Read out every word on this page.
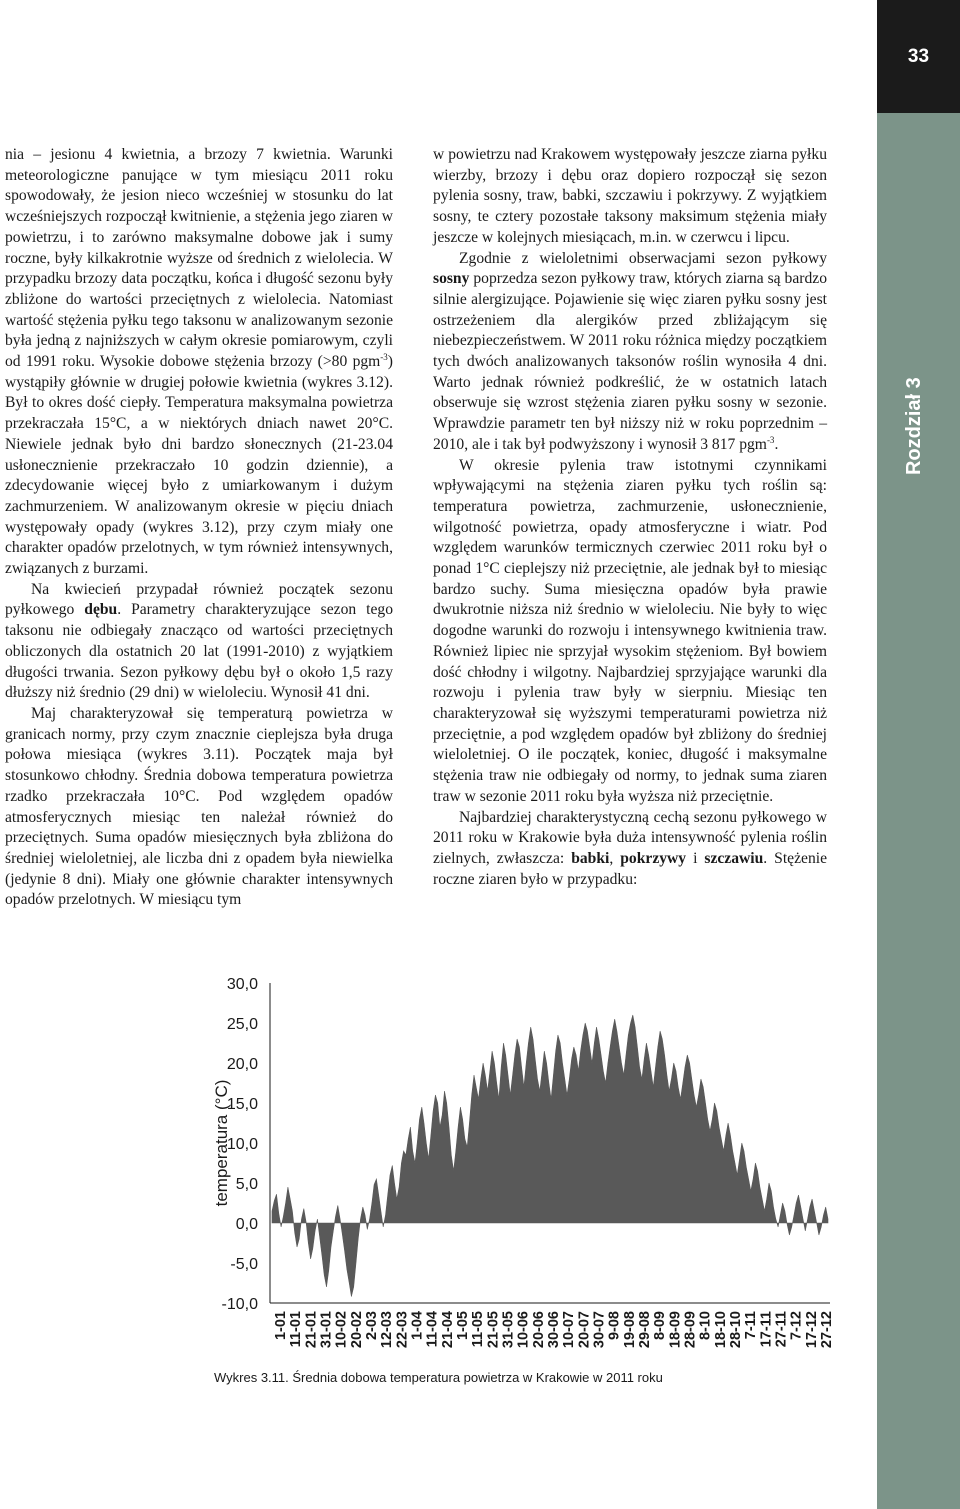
33
Rozdział 3

nia – jesionu 4 kwietnia, a brzozy 7 kwietnia. Warunki meteorologiczne panujące w tym miesiącu 2011 roku spowodowały, że jesion nieco wcześniej w stosunku do lat wcześniejszych rozpoczął kwitnienie, a stężenia jego ziaren w powietrzu, i to zarówno maksymalne dobowe jak i sumy roczne, były kilkakrotnie wyższe od średnich z wielolecia. W przypadku brzozy data początku, końca i długość sezonu były zbliżone do wartości przeciętnych z wielolecia. Natomiast wartość stężenia pyłku tego taksonu w analizowanym sezonie była jedną z najniższych w całym okresie pomiarowym, czyli od 1991 roku. Wysokie dobowe stężenia brzozy (>80 pgm$^{-3}$) wystąpiły głównie w drugiej połowie kwietnia (wykres 3.12). Był to okres dość ciepły. Temperatura maksymalna powietrza przekraczała 15°C, a w niektórych dniach nawet 20°C. Niewiele jednak było dni bardzo słonecznych (21-23.04 usłonecznienie przekraczało 10 godzin dziennie), a zdecydowanie więcej było z umiarkowanym i dużym zachmurzeniem. W analizowanym okresie w pięciu dniach występowały opady (wykres 3.12), przy czym miały one charakter opadów przelotnych, w tym również intensywnych, związanych z burzami.

Na kwiecień przypadał również początek sezonu pyłkowego dębu. Parametry charakteryzujące sezon tego taksonu nie odbiegały znacząco od wartości przeciętnych obliczonych dla ostatnich 20 lat (1991-2010) z wyjątkiem długości trwania. Sezon pyłkowy dębu był o około 1,5 razy dłuższy niż średnio (29 dni) w wieloleciu. Wynosił 41 dni.

Maj charakteryzował się temperaturą powietrza w granicach normy, przy czym znacznie cieplejsza była druga połowa miesiąca (wykres 3.11). Początek maja był stosunkowo chłodny. Średnia dobowa temperatura powietrza rzadko przekraczała 10°C. Pod względem opadów atmosferycznych miesiąc ten należał również do przeciętnych. Suma opadów miesięcznych była zbliżona do średniej wieloletniej, ale liczba dni z opadem była niewielka (jedynie 8 dni). Miały one głównie charakter intensywnych opadów przelotnych. W miesiącu tym

w powietrzu nad Krakowem występowały jeszcze ziarna pyłku wierzby, brzozy i dębu oraz dopiero rozpoczął się sezon pylenia sosny, traw, babki, szczawiu i pokrzywy. Z wyjątkiem sosny, te cztery pozostałe taksony maksimum stężenia miały jeszcze w kolejnych miesiącach, m.in. w czerwcu i lipcu.

Zgodnie z wieloletnimi obserwacjami sezon pyłkowy sosny poprzedza sezon pyłkowy traw, których ziarna są bardzo silnie alergizujące. Pojawienie się więc ziaren pyłku sosny jest ostrzeżeniem dla alergików przed zbliżającym się niebezpieczeństwem. W 2011 roku różnica między początkiem tych dwóch analizowanych taksonów roślin wynosiła 4 dni. Warto jednak również podkreślić, że w ostatnich latach obserwuje się wzrost stężenia ziaren pyłku sosny w sezonie. Wprawdzie parametr ten był niższy niż w roku poprzednim – 2010, ale i tak był podwyższony i wynosił 3 817 pgm$^{-3}$.

W okresie pylenia traw istotnymi czynnikami wpływającymi na stężenia ziaren pyłku tych roślin są: temperatura powietrza, zachmurzenie, usłonecznienie, wilgotność powietrza, opady atmosferyczne i wiatr. Pod względem warunków termicznych czerwiec 2011 roku był o ponad 1°C cieplejszy niż przeciętnie, ale jednak był to miesiąc bardzo suchy. Suma miesięczna opadów była prawie dwukrotnie niższa niż średnio w wieloleciu. Nie były to więc dogodne warunki do rozwoju i intensywnego kwitnienia traw. Również lipiec nie sprzyjał wysokim stężeniom. Był bowiem dość chłodny i wilgotny. Najbardziej sprzyjające warunki dla rozwoju i pylenia traw były w sierpniu. Miesiąc ten charakteryzował się wyższymi temperaturami powietrza niż przeciętnie, a pod względem opadów był zbliżony do średniej wieloletniej. O ile początek, koniec, długość i maksymalne stężenia traw nie odbiegały od normy, to jednak suma ziaren traw w sezonie 2011 roku była wyższa niż przeciętnie.

Najbardziej charakterystyczną cechą sezonu pyłkowego w 2011 roku w Krakowie była duża intensywność pylenia roślin zielnych, zwłaszcza: babki, pokrzywy i szczawiu. Stężenie roczne ziaren było w przypadku:

temperatura (°C)
30,0
25,0
20,0
15,0
10,0
5,0
0,0
-5,0
-10,0
1-01 11-01 21-01 31-01 10-02 20-02 2-03 12-03 22-03 1-04 11-04 21-04 1-05 11-05 21-05 31-05 10-06 20-06 30-06 10-07 20-07 30-07 9-08 19-08 29-08 8-09 18-09 28-09 8-10 18-10 28-10 7-11 17-11 27-11 7-12 17-12 27-12
Wykres 3.11. Średnia dobowa temperatura powietrza w Krakowie w 2011 roku
